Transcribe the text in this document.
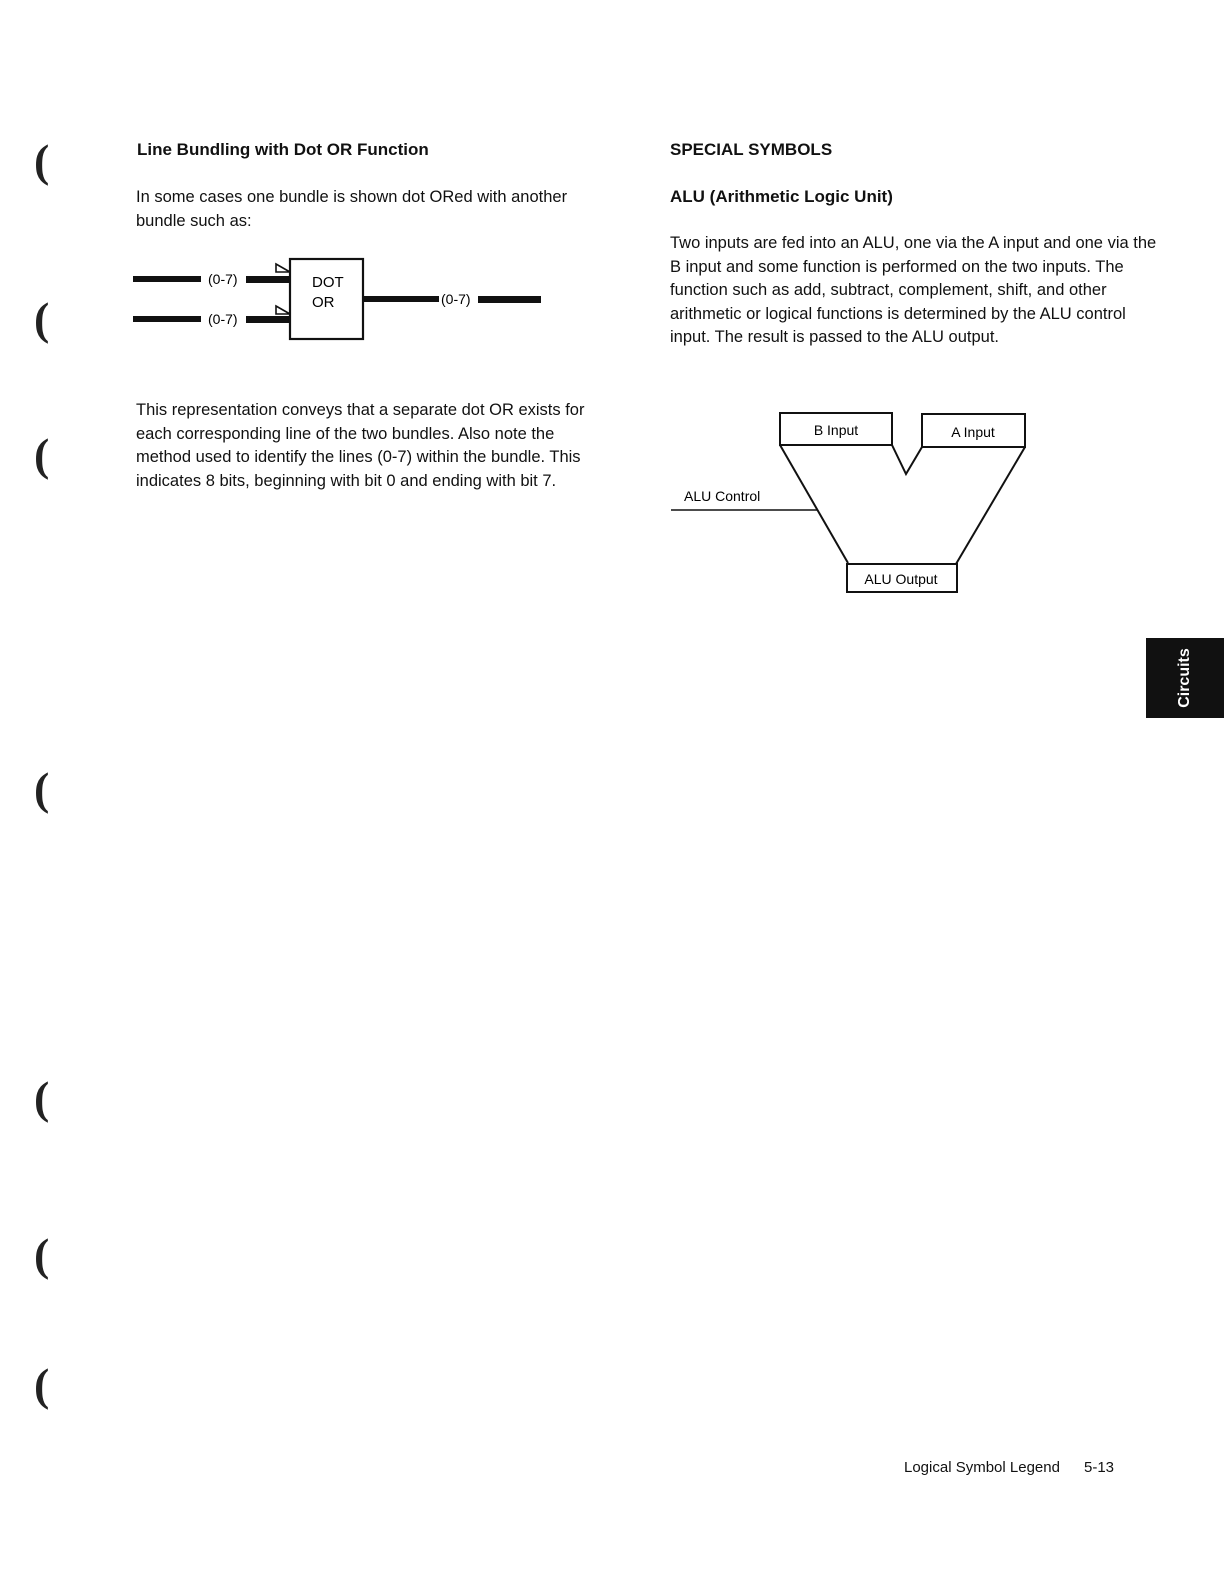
(
(
(
(
(
(
(
Line Bundling with Dot OR Function
In some cases one bundle is shown dot ORed with another bundle such as:
(0-7)
(0-7)
DOT
OR	(0-7)
This representation conveys that a separate dot OR exists for each corresponding line of the two bundles. Also note the method used to identify the lines (0-7) within the bundle. This indicates 8 bits, beginning with bit 0 and ending with bit 7.
SPECIAL SYMBOLS
ALU (Arithmetic Logic Unit)
Two inputs are fed into an ALU, one via the A input and one via the B input and some function is performed on the two inputs. The function such as add, subtract, complement, shift, and other arithmetic or logical functions is determined by the ALU control input. The result is passed to the ALU output.
B Input	A Input
ALU Control
ALU Output
Circuits
Logical Symbol Legend 5-13
